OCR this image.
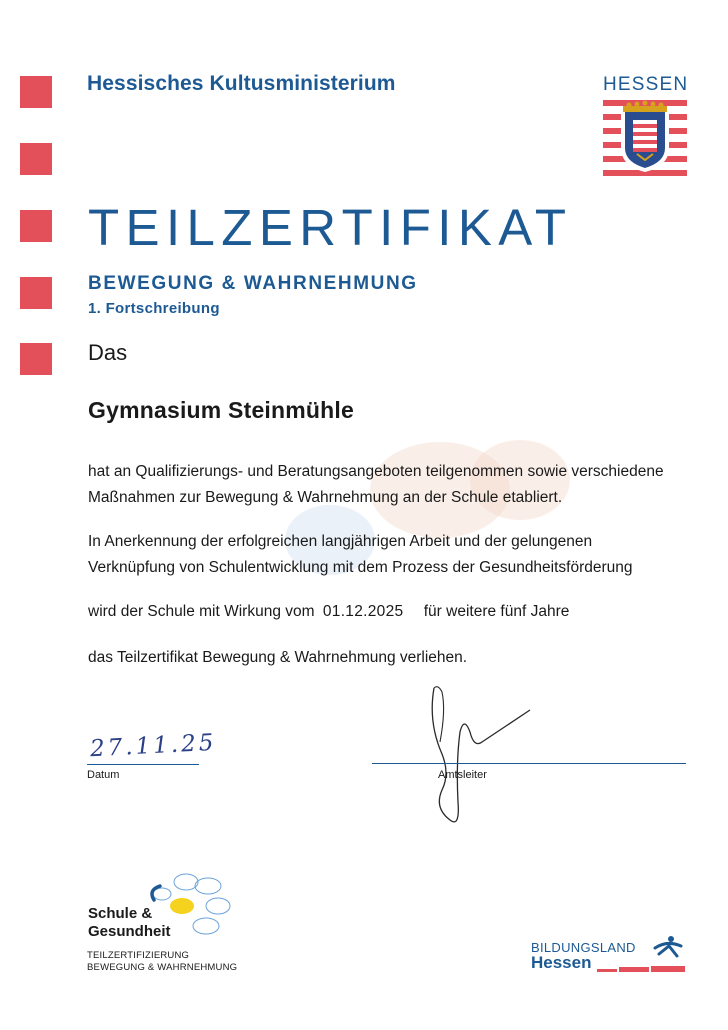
Hessisches Kultusministerium	HESSEN
TEILZERTIFIKAT
BEWEGUNG & WAHRNEHMUNG
1. Fortschreibung
Das
Gymnasium Steinmühle
hat an Qualifizierungs- und Beratungsangeboten teilgenommen sowie verschiedene
Maßnahmen zur Bewegung & Wahrnehmung an der Schule etabliert.
In Anerkennung der erfolgreichen langjährigen Arbeit und der gelungenen
Verknüpfung von Schulentwicklung mit dem Prozess der Gesundheitsförderung
wird der Schule mit Wirkung vom 01.12.2025 für weitere fünf Jahre
das Teilzertifikat Bewegung & Wahrnehmung verliehen.
27.11.25
Datum	Amtsleiter
Schule &
Gesundheit
TEILZERTIFIZIERUNG
BEWEGUNG & WAHRNEHMUNG
BILDUNGSLAND
Hessen
